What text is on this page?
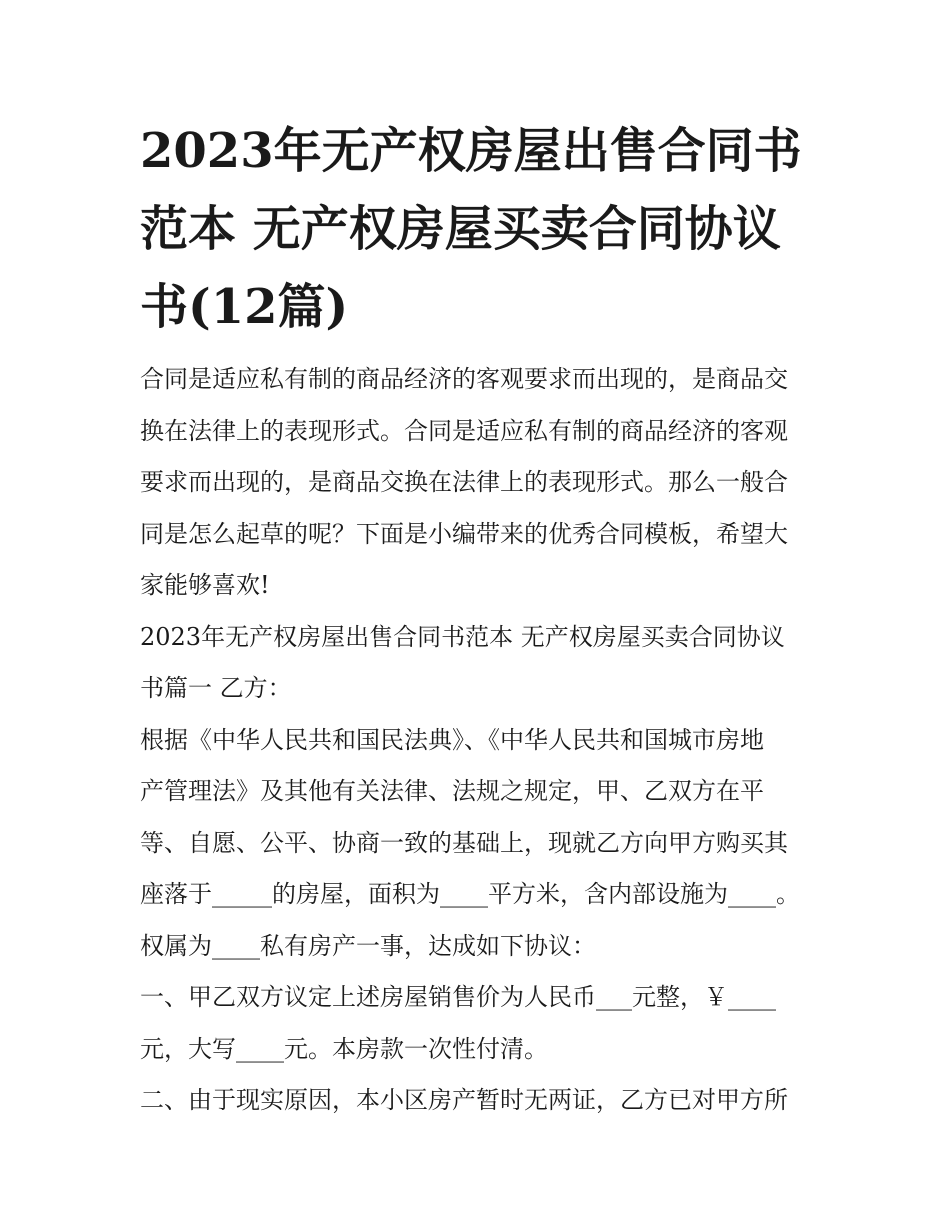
2023年无产权房屋出售合同书
范本 无产权房屋买卖合同协议
书(12篇)
合同是适应私有制的商品经济的客观要求而出现的，是商品交
换在法律上的表现形式。合同是适应私有制的商品经济的客观
要求而出现的，是商品交换在法律上的表现形式。那么一般合
同是怎么起草的呢？下面是小编带来的优秀合同模板，希望大
家能够喜欢!
2023年无产权房屋出售合同书范本 无产权房屋买卖合同协议
书篇一 乙方：
根据《中华人民共和国民法典》、《中华人民共和国城市房地
产管理法》及其他有关法律、法规之规定，甲、乙双方在平
等、自愿、公平、协商一致的基础上，现就乙方向甲方购买其
座落于_____的房屋，面积为____平方米，含内部设施为____。
权属为____私有房产一事，达成如下协议：
一、甲乙双方议定上述房屋销售价为人民币___元整，￥____
元，大写____元。本房款一次性付清。
二、由于现实原因，本小区房产暂时无两证，乙方已对甲方所
